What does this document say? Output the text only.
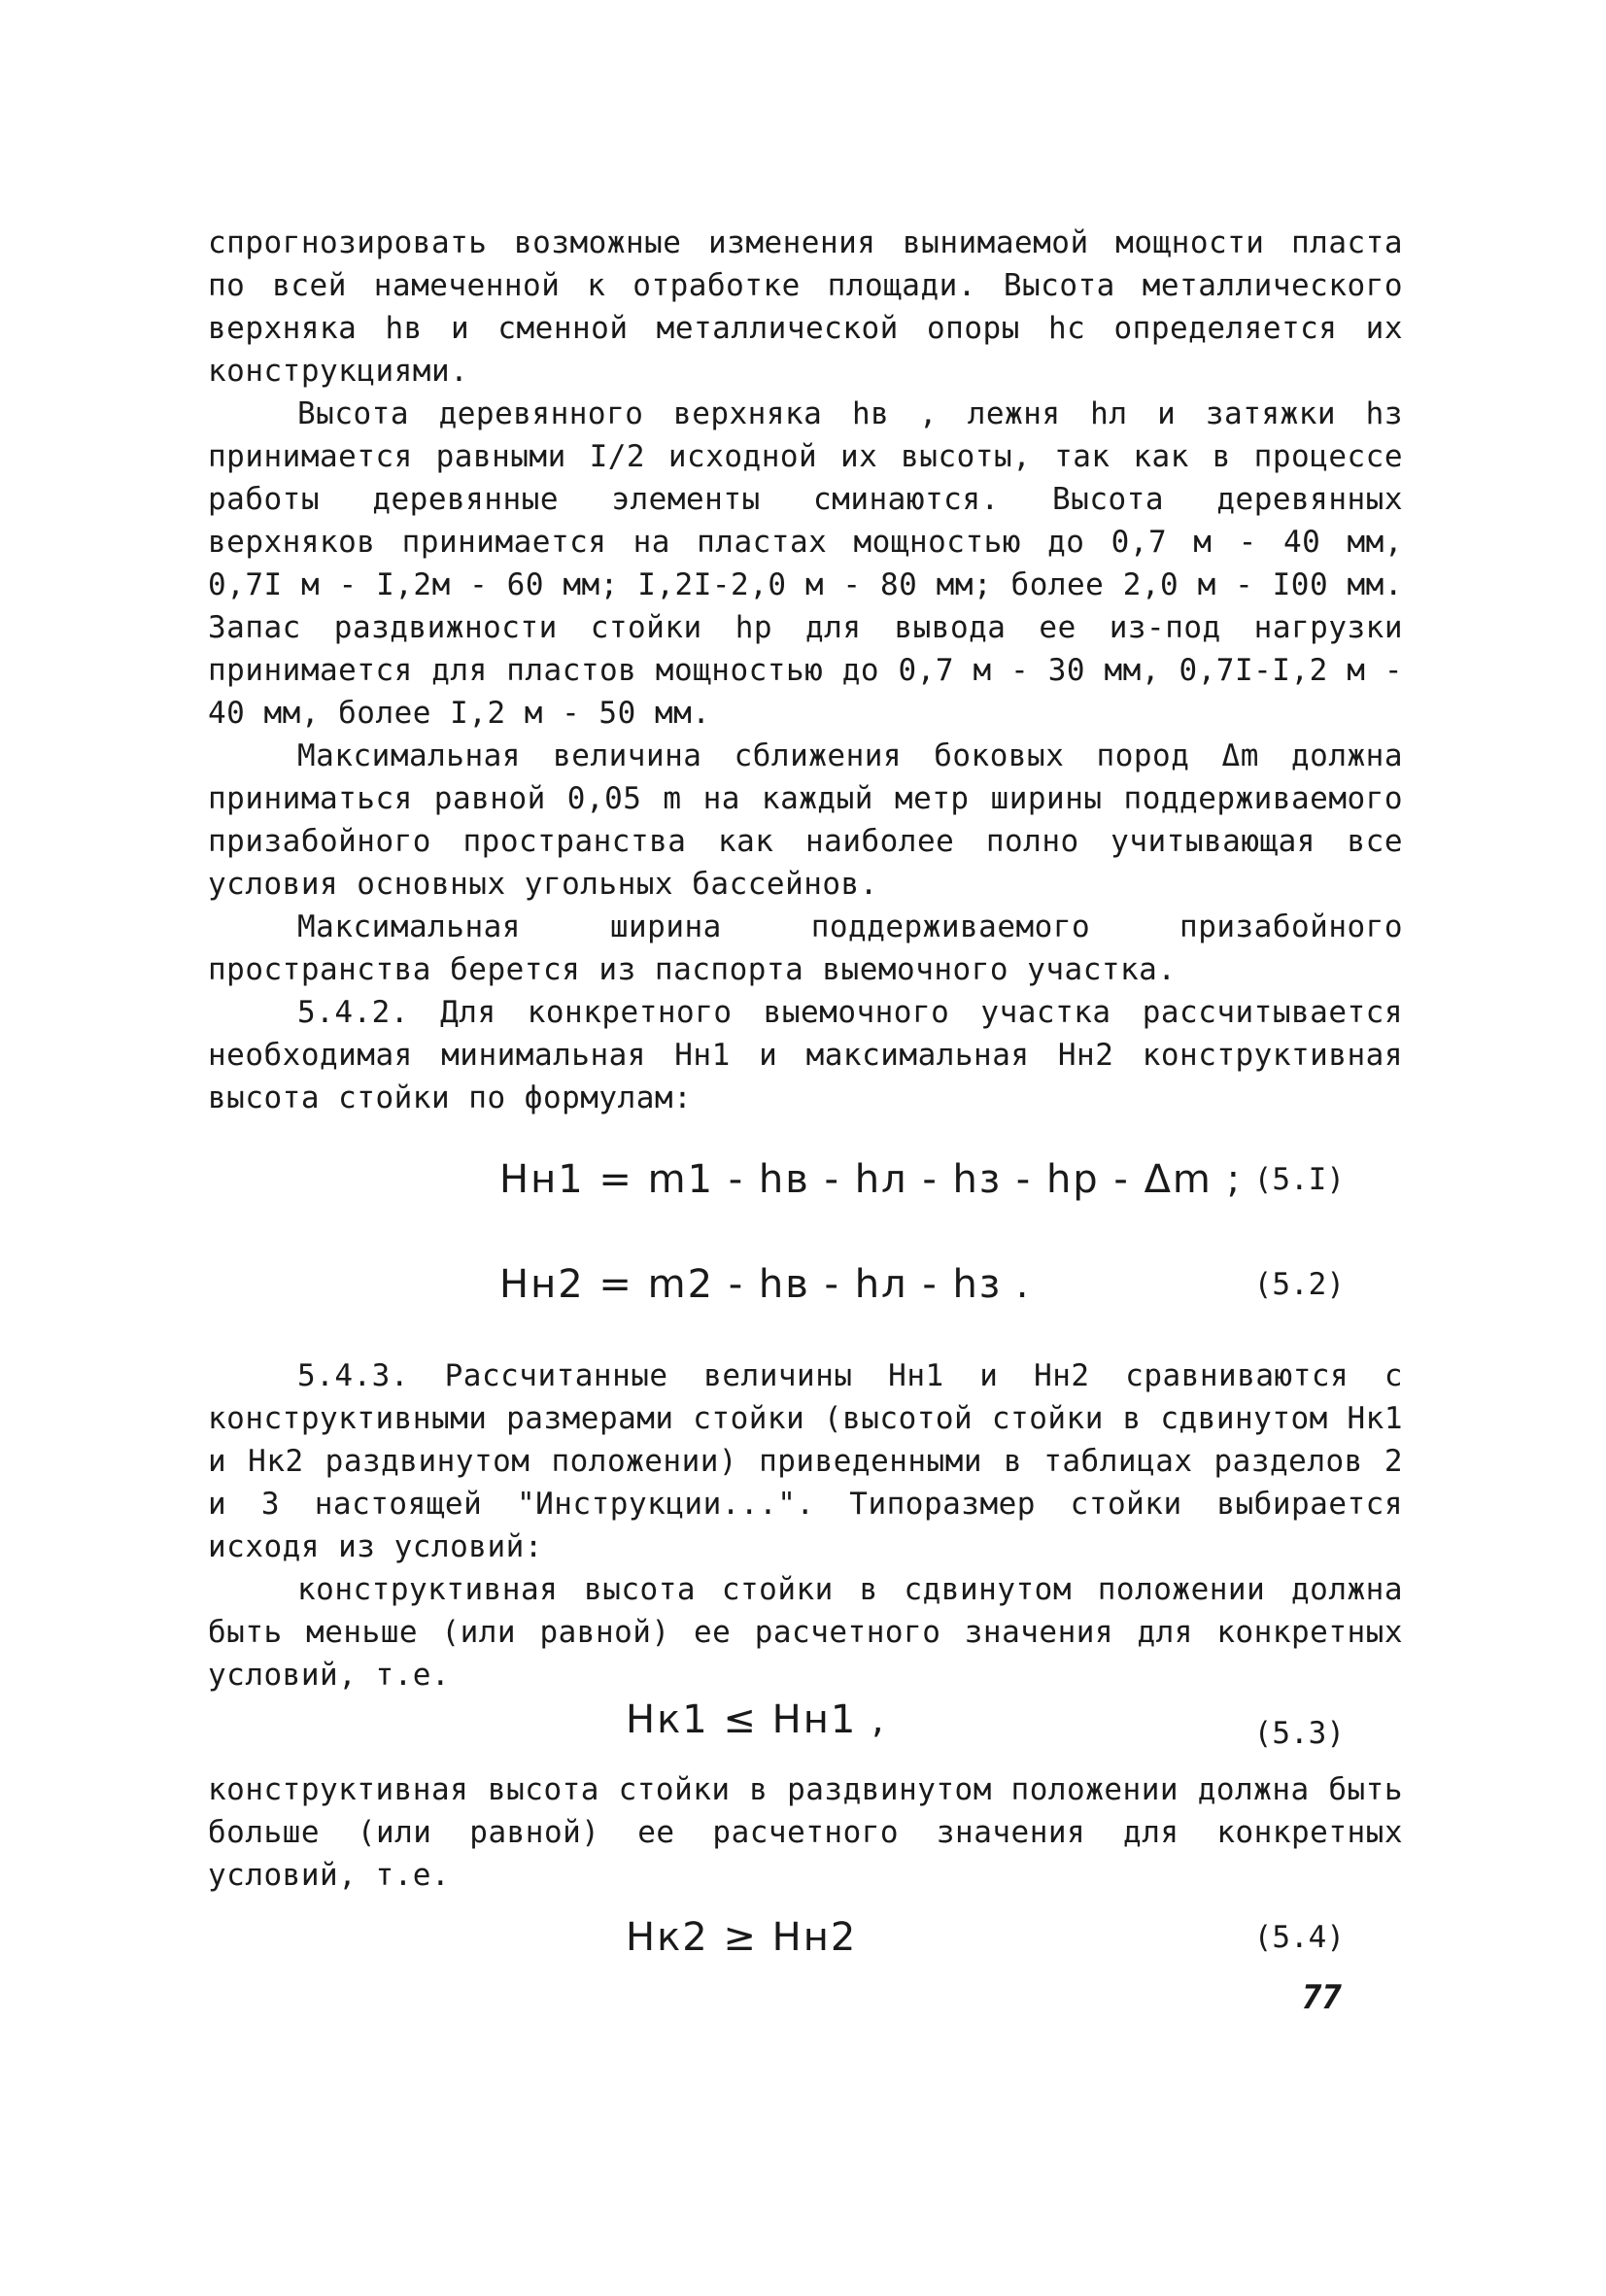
спрогнозировать возможные изменения вынимаемой мощности пласта по всей намеченной к отработке площади. Высота металлического верхняка hв и сменной металлической опоры hс определяется их конструкциями.

Высота деревянного верхняка hв , лежня hл и затяжки hз принимается равными I/2 исходной их высоты, так как в процессе работы деревянные элементы сминаются. Высота деревянных верхняков принимается на пластах мощностью до 0,7 м - 40 мм, 0,7I м - I,2м - 60 мм; I,2I-2,0 м - 80 мм; более 2,0 м - I00 мм. Запас раздвижности стойки hр для вывода ее из-под нагрузки принимается для пластов мощностью до 0,7 м - 30 мм, 0,7I-I,2 м - 40 мм, более I,2 м - 50 мм.

Максимальная величина сближения боковых пород Δm должна приниматься равной 0,05 m на каждый метр ширины поддерживаемого призабойного пространства как наиболее полно учитывающая все условия основных угольных бассейнов.

Максимальная ширина поддерживаемого призабойного пространства берется из паспорта выемочного участка.

5.4.2. Для конкретного выемочного участка рассчитывается необходимая минимальная Hн1 и максимальная Hн2 конструктивная высота стойки по формулам:

Hн1 = m1 - hв - hл - hз - hр - Δm ; (5.I)
Hн2 = m2 - hв - hл - hз .	(5.2)

5.4.3. Рассчитанные величины Hн1 и Hн2 сравниваются с конструктивными размерами стойки (высотой стойки в сдвинутом Hк1 и Hк2 раздвинутом положении) приведенными в таблицах разделов 2 и 3 настоящей "Инструкции...". Типоразмер стойки выбирается исходя из условий:

конструктивная высота стойки в сдвинутом положении должна быть меньше (или равной) ее расчетного значения для конкретных условий, т.е.

Hк1 ≤ Hн1 ,	(5.3)

конструктивная высота стойки в раздвинутом положении должна быть больше (или равной) ее расчетного значения для конкретных условий, т.е.

Hк2 ≥ Hн2	(5.4)
77
